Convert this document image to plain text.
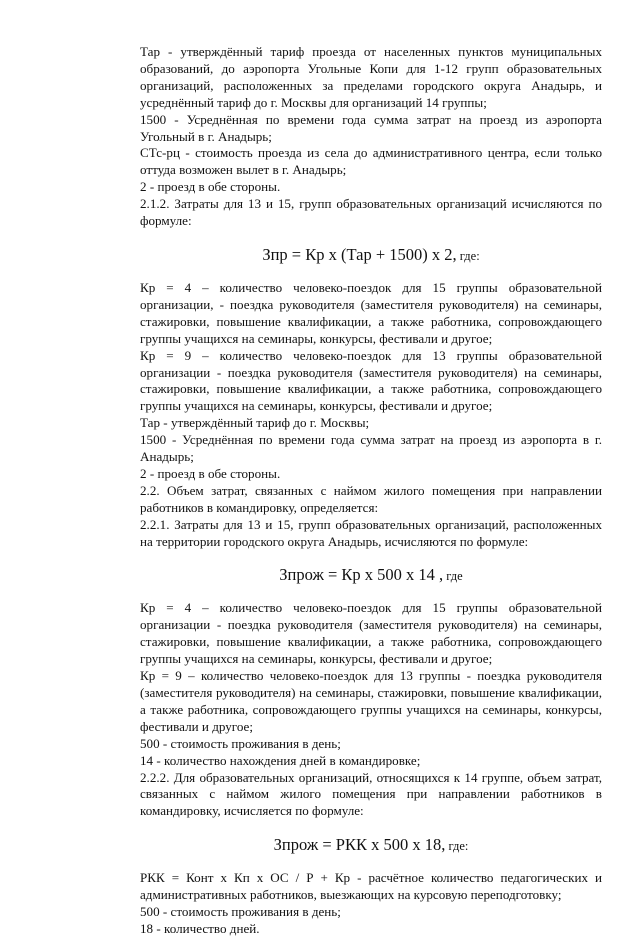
Тар - утверждённый тариф проезда от населенных пунктов муниципальных образований, до аэропорта Угольные Копи для 1-12 групп образовательных организаций, расположенных за пределами городского округа Анадырь, и усреднённый тариф до г. Москвы для организаций 14 группы;

1500 - Усреднённая по времени года сумма затрат на проезд из аэропорта Угольный в г. Анадырь;

СТс-рц - стоимость проезда из села до административного центра, если только оттуда возможен вылет в г. Анадырь;

2 - проезд в обе стороны.

2.1.2. Затраты для 13 и 15, групп образовательных организаций исчисляются по формуле:

Зпр = Кр х (Тар + 1500) х 2, где:

Кр = 4 – количество человеко-поездок для 15 группы образовательной организации, - поездка руководителя (заместителя руководителя) на семинары, стажировки, повышение квалификации, а также работника, сопровождающего группы учащихся на семинары, конкурсы, фестивали и другое;

Кр = 9 – количество человеко-поездок для 13 группы образовательной организации - поездка руководителя (заместителя руководителя) на семинары, стажировки, повышение квалификации, а также работника, сопровождающего группы учащихся на семинары, конкурсы, фестивали и другое;

Тар - утверждённый тариф до г. Москвы;

1500 - Усреднённая по времени года сумма затрат на проезд из аэропорта в г. Анадырь;

2 - проезд в обе стороны.

2.2. Объем затрат, связанных с наймом жилого помещения при направлении работников в командировку, определяется:

2.2.1. Затраты для 13 и 15, групп образовательных организаций, расположенных на территории городского округа Анадырь, исчисляются по формуле:

Зпрож = Кр х 500 х 14 , где

Кр = 4 – количество человеко-поездок для 15 группы образовательной организации - поездка руководителя (заместителя руководителя) на семинары, стажировки, повышение квалификации, а также работника, сопровождающего группы учащихся на семинары, конкурсы, фестивали и другое;

Кр = 9 – количество человеко-поездок для 13 группы - поездка руководителя (заместителя руководителя) на семинары, стажировки, повышение квалификации, а также работника, сопровождающего группы учащихся на семинары, конкурсы, фестивали и другое;

500 - стоимость проживания в день;

14 - количество нахождения дней в командировке;

2.2.2. Для образовательных организаций, относящихся к 14 группе, объем затрат, связанных с наймом жилого помещения при направлении работников в командировку, исчисляется по формуле:

Зпрож = РКК х 500 х 18, где:

РКК = Конт х Кп х ОС / Р + Кр - расчётное количество педагогических и административных работников, выезжающих на курсовую переподготовку;

500 - стоимость проживания в день;

18 - количество дней.
